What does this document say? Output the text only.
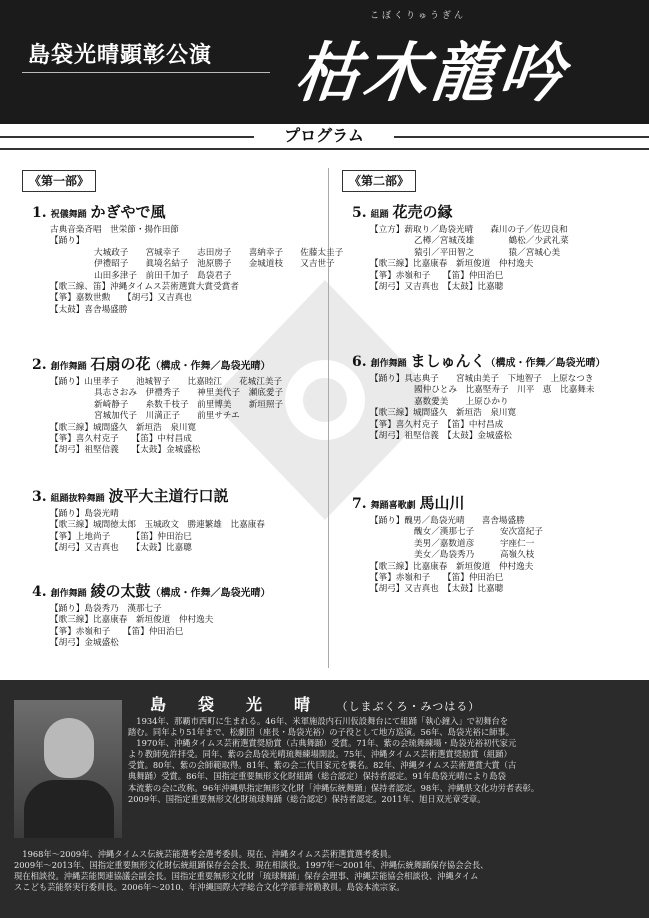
島袋光晴顕彰公演
こぼくりゅうぎん
枯木龍吟
プログラム
《第一部》
1. 祝儀舞踊 かぎやで風
古典音楽斉唱　世栄節・揚作田節
【踊り】
大城政子　　宮城幸子　　志田房子　　喜納幸子　　佐藤太圭子
伊禮昭子　　眞境名結子　池原勝子　　金城道枝　　又吉世子
山田多津子　前田千加子　島袋君子
【歌三線、笛】沖縄タイムス芸術選賞大賞受賞者
【箏】嘉数世勲　　【胡弓】又吉真也
【太鼓】喜舎場盛勝
2. 創作舞踊 石扇の花（構成・作舞／島袋光晴）
【踊り】山里孝子　　池城智子　　比嘉睦江　　花城江美子
具志さおみ　伊禮秀子　　神里美代子　瀬底愛子
新崎静子　　糸数千枝子　前里博美　　新垣照子
宮城加代子　川満正子　　前里サチエ
【歌三線】城間盛久　新垣浩　泉川寛
【箏】喜久村克子　　【笛】中村昌成
【胡弓】祖堅信義　　【太鼓】金城盛松
3. 組踊抜粋舞踊 波平大主道行口説
【踊り】島袋光晴
【歌三線】城間徳太郎　玉城政文　勝連繁雄　比嘉康春
【箏】上地尚子　　　【笛】仲田治巳
【胡弓】又吉真也　　【太鼓】比嘉聰
4. 創作舞踊 綾の太鼓（構成・作舞／島袋光晴）
【踊り】島袋秀乃　漢那七子
【歌三線】比嘉康春　新垣俊道　仲村逸夫
【箏】赤嶺和子　　【笛】仲田治巳
【胡弓】金城盛松
《第二部》
5. 組踊 花売の縁
【立方】薪取り／島袋光晴　　森川の子／佐辺良和
乙樽／宮城茂雄　　　　鶴松／少武礼菜
猿引／平田智之　　　　猿／宮城心美
【歌三線】比嘉康春　新垣俊道　仲村逸夫
【箏】赤嶺和子　　【笛】仲田治巳
【胡弓】又吉真也　【太鼓】比嘉聰
6. 創作舞踊 ましゅんく（構成・作舞／島袋光晴）
【踊り】具志典子　　宮城由美子　下地智子　上原なつき
國仲ひとみ　比嘉堅寿子　川平　恵　比嘉舞未
嘉数愛美　　上原ひかり
【歌三線】城間盛久　新垣浩　泉川寛
【箏】喜久村克子　【笛】中村昌成
【胡弓】祖堅信義　【太鼓】金城盛松
7. 舞踊喜歌劇 馬山川
【踊り】醜男／島袋光晴　　喜舎場盛勝
醜女／漢那七子　　　安次富紀子
美男／嘉数道彦　　　宇座仁一
美女／島袋秀乃　　　高嶺久枝
【歌三線】比嘉康春　新垣俊道　仲村逸夫
【箏】赤嶺和子　　【笛】仲田治巳
【胡弓】又吉真也　【太鼓】比嘉聰
島　袋　光　晴　 （しまぶくろ・みつはる）
　1934年、那覇市西町に生まれる。46年、米軍施設内石川仮設舞台にて組踊「執心鐘入」で初舞台を
踏む。同年より51年まで、松劇団（座長・島袋光裕）の子役として地方巡演。56年、島袋光裕に師事。
　1970年、沖縄タイムス芸術選賞奨励賞（古典舞踊）受賞。71年、紫の会琉舞練場・島袋光裕初代家元
より教師免許拝受。同年、紫の会島袋光晴琉舞練場開設。75年、沖縄タイムス芸術選賞奨励賞（組踊）
受賞。80年、紫の会師範取得。81年、紫の会二代目家元を襲名。82年、沖縄タイムス芸術選賞大賞（古
典舞踊）受賞。86年、国指定重要無形文化財組踊（総合認定）保持者認定。91年島袋光晴により島袋
本流紫の会に改称。96年沖縄県指定無形文化財「沖縄伝統舞踊」保持者認定。98年、沖縄県文化功労者表彰。
2009年、国指定重要無形文化財琉球舞踊（総合認定）保持者認定。2011年、旭日双光章受章。
　1968年〜2009年、沖縄タイムス伝統芸能選考会選考委員。現在、沖縄タイムス芸術選賞選考委員。
2009年〜2013年、国指定重要無形文化財伝統組踊保存会会長、現在相談役。1997年〜2001年、沖縄伝統舞踊保存協会会長、
現在相談役。沖縄芸能関連協議会副会長。国指定重要無形文化財「琉球舞踊」保存会理事、沖縄芸能協会相談役、沖縄タイム
スこども芸能祭実行委員長。2006年〜2010、年沖縄国際大学総合文化学部非常勤教員。島袋本流宗家。
